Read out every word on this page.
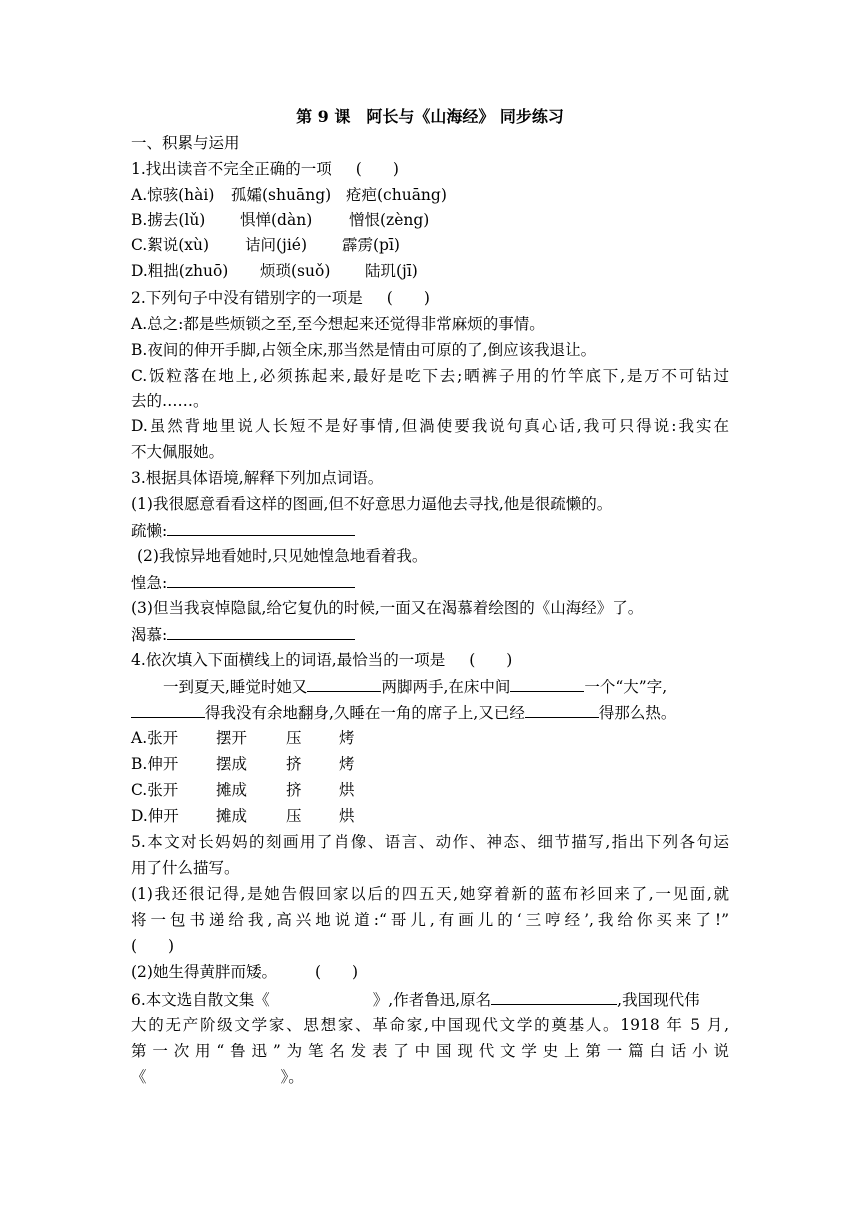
第 9 课　阿长与《山海经》 同步练习
一、积累与运用
1.找出读音不完全正确的一项 (　　)
A.惊骇(hài) 孤孀(shuāng) 疮疤(chuāng)
B.掳去(lǔ) 惧惮(dàn) 憎恨(zèng)
C.絮说(xù) 诘问(jié) 霹雳(pī)
D.粗拙(zhuō) 烦琐(suǒ) 陆玑(jī)
2.下列句子中没有错别字的一项是 (　　)
A.总之:都是些烦锁之至,至今想起来还觉得非常麻烦的事情。
B.夜间的伸开手脚,占领全床,那当然是情由可原的了,倒应该我退让。
C.饭粒落在地上,必须拣起来,最好是吃下去;晒裤子用的竹竿底下,是万不可钻过
去的……。
D.虽然背地里说人长短不是好事情,但渦使要我说句真心话,我可只得说:我实在
不大佩服她。
3.根据具体语境,解释下列加点词语。
(1)我很愿意看看这样的图画,但不好意思力逼他去寻找,他是很疏懒的。
疏懒:
(2)我惊异地看她时,只见她惶急地看着我。
惶急:
(3)但当我哀悼隐鼠,给它复仇的时候,一面又在渴慕着绘图的《山海经》了。
渴慕:
4.依次填入下面横线上的词语,最恰当的一项是 (　　)
一到夏天,睡觉时她又	两脚两手,在床中间	一个“大”字,
得我没有余地翻身,久睡在一角的席子上,又已经	得那么热。
A.张开 摆开	压 烤
B.伸开 摆成	挤 烤
C.张开 摊成	挤 烘
D.伸开 摊成	压 烘
5.本文对长妈妈的刻画用了肖像、语言、动作、神态、细节描写,指出下列各句运
用了什么描写。
(1)我还很记得,是她告假回家以后的四五天,她穿着新的蓝布衫回来了,一见面,就
将一包书递给我,高兴地说道:“哥儿,有画儿的‘三哼经’,我给你买来了!”
(　　)
(2)她生得黄胖而矮。 (　　)
6.本文选自散文集《	》,作者鲁迅,原名	,我国现代伟
大的无产阶级文学家、思想家、革命家,中国现代文学的奠基人。1918 年 5 月,
第一次用“鲁迅”为笔名发表了中国现代文学史上第一篇白话小说
《	》。
